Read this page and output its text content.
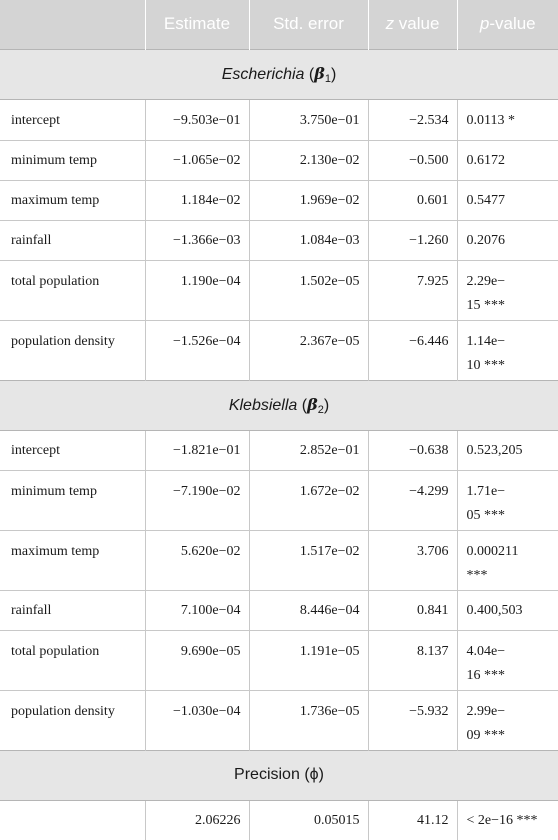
	Estimate	Std. error	z value	p-value
Escherichia $(\beta_1)$				
intercept	−9.503e−01	3.750e−01	−2.534	0.0113 *
minimum temp	−1.065e−02	2.130e−02	−0.500	0.6172
maximum temp	1.184e−02	1.969e−02	0.601	0.5477
rainfall	−1.366e−03	1.084e−03	−1.260	0.2076
total population	1.190e−04	1.502e−05	7.925	2.29e−
15 ***
population density	−1.526e−04	2.367e−05	−6.446	1.14e−
10 ***
Klebsiella $(\beta_2)$				
intercept	−1.821e−01	2.852e−01	−0.638	0.523,205
minimum temp	−7.190e−02	1.672e−02	−4.299	1.71e−
05 ***
maximum temp	5.620e−02	1.517e−02	3.706	0.000211
***
rainfall	7.100e−04	8.446e−04	0.841	0.400,503
total population	9.690e−05	1.191e−05	8.137	4.04e−
16 ***
population density	−1.030e−04	1.736e−05	−5.932	2.99e−
09 ***
Precision (ϕ)				
	2.06226	0.05015	41.12	< 2e−16 ***
